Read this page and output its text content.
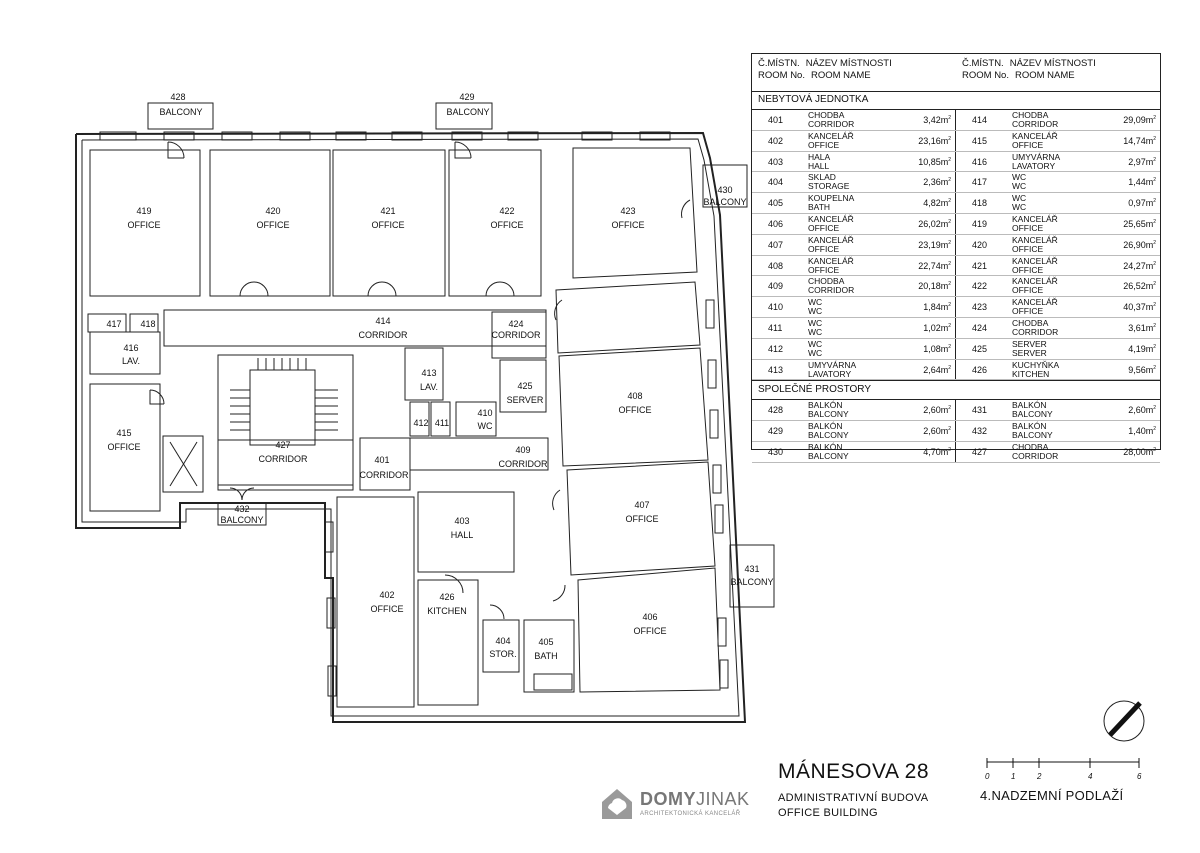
428
BALCONY
429
BALCONY
430
BALCONY
431
BALCONY
432
BALCONY
419
OFFICE
420
OFFICE
421
OFFICE
422
OFFICE
423
OFFICE
417 418
416
LAV.
415
OFFICE
414
CORRIDOR
424
CORRIDOR
413
LAV.	425
SERVER
412 411
410
WC
427
CORRIDOR	401
CORRIDOR
409
CORRIDOR
408
OFFICE
407
OFFICE
406
OFFICE
403
HALL
402
OFFICE
426
KITCHEN
404
STOR.
405
BATH
Č.MÍSTN. NÁZEV MÍSTNOSTI
ROOM No. ROOM NAME
Č.MÍSTN. NÁZEV MÍSTNOSTI
ROOM No. ROOM NAME
NEBYTOVÁ JEDNOTKA
401	CHODBA
CORRIDOR	$3,42m^2$ 414	CHODBA
CORRIDOR	$29,09m^2$
402	KANCELÁŘ
OFFICE	$23,16m^2$ 415	KANCELÁŘ
OFFICE	$14,74m^2$
403	HALA
HALL	$10,85m^2$ 416	UMYVÁRNA
LAVATORY	$2,97m^2$
404	SKLAD
STORAGE	$2,36m^2$ 417	WC
WC	$1,44m^2$
405	KOUPELNA
BATH	$4,82m^2$ 418	WC
WC	$0,97m^2$
406	KANCELÁŘ
OFFICE	$26,02m^2$ 419	KANCELÁŘ
OFFICE	$25,65m^2$
407	KANCELÁŘ
OFFICE	$23,19m^2$ 420	KANCELÁŘ
OFFICE	$26,90m^2$
408	KANCELÁŘ
OFFICE	$22,74m^2$ 421	KANCELÁŘ
OFFICE	$24,27m^2$
409	CHODBA
CORRIDOR	$20,18m^2$ 422	KANCELÁŘ
OFFICE	$26,52m^2$
410	WC
WC	$1,84m^2$ 423	KANCELÁŘ
OFFICE	$40,37m^2$
411	WC
WC	$1,02m^2$ 424	CHODBA
CORRIDOR	$3,61m^2$
412	WC
WC	$1,08m^2$ 425	SERVER
SERVER	$4,19m^2$
413	UMYVÁRNA
LAVATORY	$2,64m^2$ 426	KUCHYŇKA
KITCHEN	$9,56m^2$
SPOLEČNÉ PROSTORY
428	BALKÓN
BALCONY	$2,60m^2$ 431	BALKÓN
BALCONY	$2,60m^2$
429	BALKÓN
BALCONY	$2,60m^2$ 432	BALKÓN
BALCONY	$1,40m^2$
430	BALKÓN
BALCONY	$4,70m^2$ 427	CHODBA
CORRIDOR	$28,00m^2$
0	1	2	4	6
DOMYJINAK
ARCHITEKTONICKÁ KANCELÁŘ
MÁNESOVA 28
ADMINISTRATIVNÍ BUDOVA
OFFICE BUILDING
4.NADZEMNÍ PODLAŽÍ
